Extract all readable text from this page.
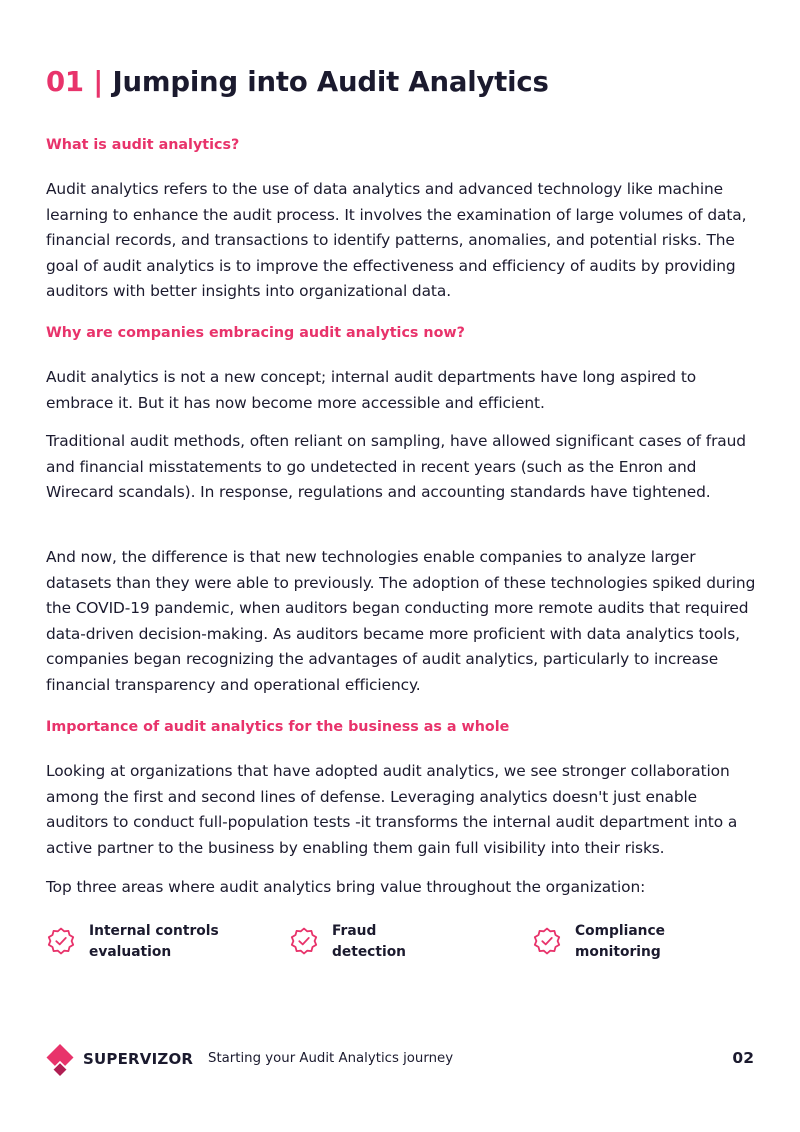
01 | Jumping into Audit Analytics

What is audit analytics?

Audit analytics refers to the use of data analytics and advanced technology like machine learning to enhance the audit process. It involves the examination of large volumes of data, financial records, and transactions to identify patterns, anomalies, and potential risks. The goal of audit analytics is to improve the effectiveness and efficiency of audits by providing auditors with better insights into organizational data.

Why are companies embracing audit analytics now?

Audit analytics is not a new concept; internal audit departments have long aspired to embrace it. But it has now become more accessible and efficient.

Traditional audit methods, often reliant on sampling, have allowed significant cases of fraud and financial misstatements to go undetected in recent years (such as the Enron and Wirecard scandals). In response, regulations and accounting standards have tightened.

And now, the difference is that new technologies enable companies to analyze larger datasets than they were able to previously. The adoption of these technologies spiked during the COVID-19 pandemic, when auditors began conducting more remote audits that required data-driven decision-making. As auditors became more proficient with data analytics tools, companies began recognizing the advantages of audit analytics, particularly to increase financial transparency and operational efficiency.

Importance of audit analytics for the business as a whole

Looking at organizations that have adopted audit analytics, we see stronger collaboration among the first and second lines of defense. Leveraging analytics doesn't just enable auditors to conduct full-population tests -it transforms the internal audit department into a active partner to the business by enabling them gain full visibility into their risks.

Top three areas where audit analytics bring value throughout the organization:

Internal controls
evaluation
Fraud
detection
Compliance
monitoring
SUPERVIZOR Starting your Audit Analytics journey	02
